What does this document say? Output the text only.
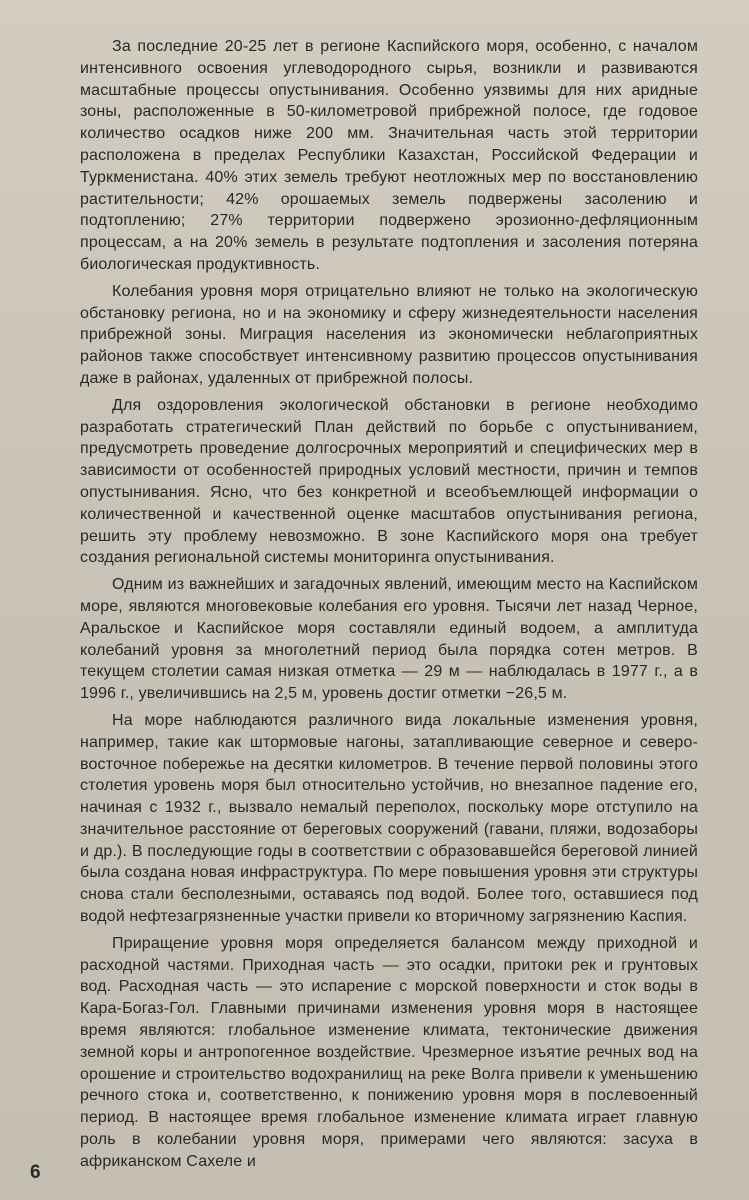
За последние 20-25 лет в регионе Каспийского моря, особенно, с началом интенсивного освоения углеводородного сырья, возникли и развиваются масштабные процессы опустынивания. Особенно уязвимы для них аридные зоны, расположенные в 50-километровой прибрежной полосе, где годовое количество осадков ниже 200 мм. Значительная часть этой территории расположена в пределах Республики Казахстан, Российской Федерации и Туркменистана. 40% этих земель требуют неотложных мер по восстановлению растительности; 42% орошаемых земель подвержены засолению и подтоплению; 27% территории подвержено эрозионно-дефляционным процессам, а на 20% земель в результате подтопления и засоления потеряна биологическая продуктивность.

Колебания уровня моря отрицательно влияют не только на экологическую обстановку региона, но и на экономику и сферу жизнедеятельности населения прибрежной зоны. Миграция населения из экономически неблагоприятных районов также способствует интенсивному развитию процессов опустынивания даже в районах, удаленных от прибрежной полосы.

Для оздоровления экологической обстановки в регионе необходимо разработать стратегический План действий по борьбе с опустыниванием, предусмотреть проведение долгосрочных мероприятий и специфических мер в зависимости от особенностей природных условий местности, причин и темпов опустынивания. Ясно, что без конкретной и всеобъемлющей информации о количественной и качественной оценке масштабов опустынивания региона, решить эту проблему невозможно. В зоне Каспийского моря она требует создания региональной системы мониторинга опустынивания.

Одним из важнейших и загадочных явлений, имеющим место на Каспийском море, являются многовековые колебания его уровня. Тысячи лет назад Черное, Аральское и Каспийское моря составляли единый водоем, а амплитуда колебаний уровня за многолетний период была порядка сотен метров. В текущем столетии самая низкая отметка — 29 м — наблюдалась в 1977 г., а в 1996 г., увеличившись на 2,5 м, уровень достиг отметки −26,5 м.

На море наблюдаются различного вида локальные изменения уровня, например, такие как штормовые нагоны, затапливающие северное и северо-восточное побережье на десятки километров. В течение первой половины этого столетия уровень моря был относительно устойчив, но внезапное падение его, начиная с 1932 г., вызвало немалый переполох, поскольку море отступило на значительное расстояние от береговых сооружений (гавани, пляжи, водозаборы и др.). В последующие годы в соответствии с образовавшейся береговой линией была создана новая инфраструктура. По мере повышения уровня эти структуры снова стали бесполезными, оставаясь под водой. Более того, оставшиеся под водой нефтезагрязненные участки привели ко вторичному загрязнению Каспия.

Приращение уровня моря определяется балансом между приходной и расходной частями. Приходная часть — это осадки, притоки рек и грунтовых вод. Расходная часть — это испарение с морской поверхности и сток воды в Кара-Богаз-Гол. Главными причинами изменения уровня моря в настоящее время являются: глобальное изменение климата, тектонические движения земной коры и антропогенное воздействие. Чрезмерное изъятие речных вод на орошение и строительство водохранилищ на реке Волга привели к уменьшению речного стока и, соответственно, к понижению уровня моря в послевоенный период. В настоящее время глобальное изменение климата играет главную роль в колебании уровня моря, примерами чего являются: засуха в африканском Сахеле и

6
